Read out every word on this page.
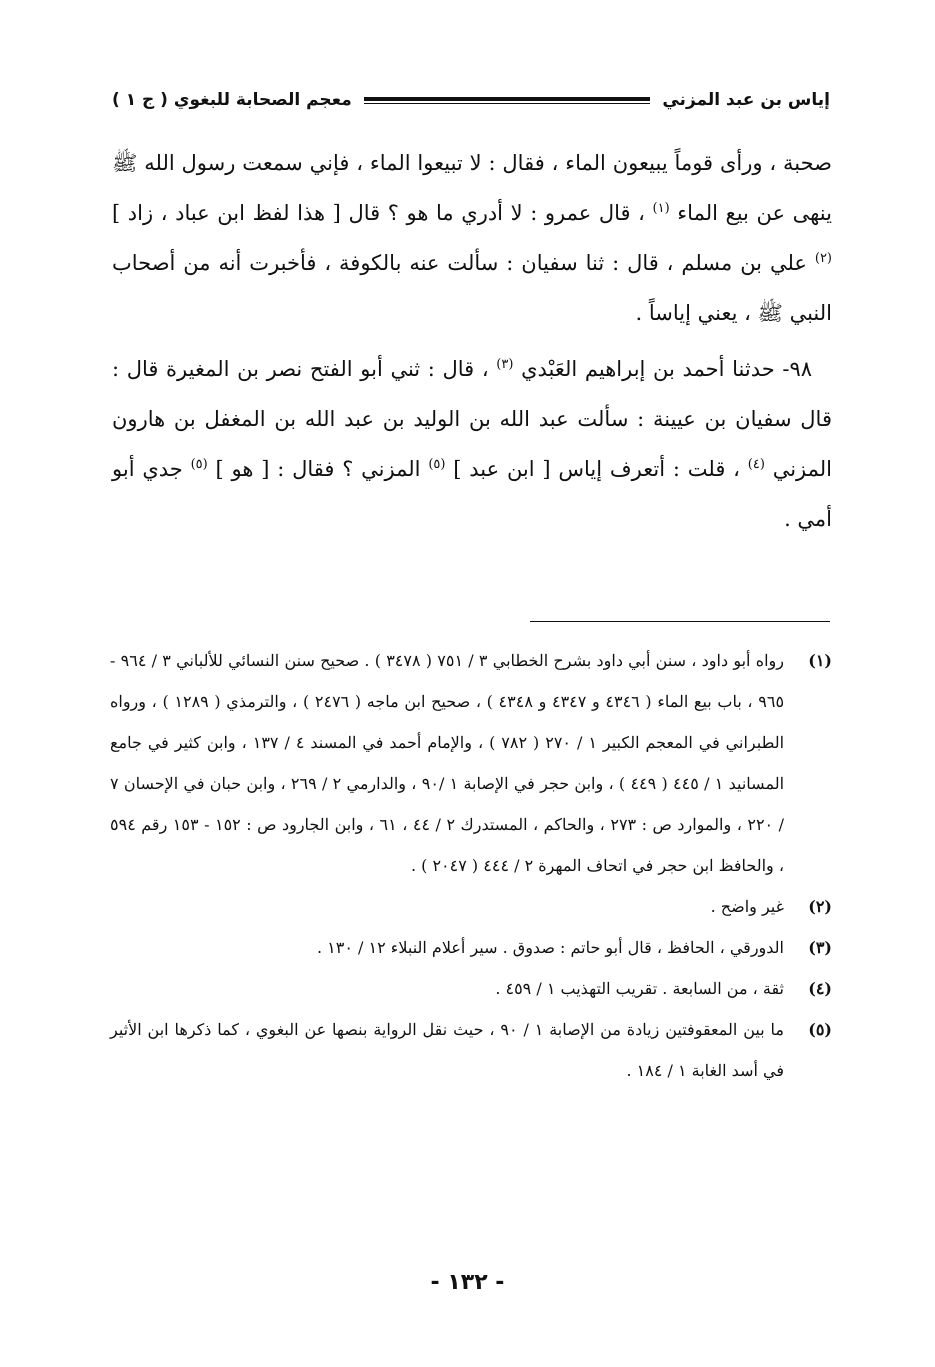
إياس بن عبد المزني
معجم الصحابة للبغوي ( ج ١ )

صحبة ، ورأى قوماً يبيعون الماء ، فقال : لا تبيعوا الماء ، فإني سمعت رسول الله ﷺ ينهى عن بيع الماء $^{(١)}$ ، قال عمرو : لا أدري ما هو ؟ قال [ هذا لفظ ابن عباد ، زاد ] $^{(٢)}$ علي بن مسلم ، قال : ثنا سفيان : سألت عنه بالكوفة ، فأخبرت أنه من أصحاب النبي ﷺ ، يعني إياساً .

٩٨- حدثنا أحمد بن إبراهيم العَبْدي $^{(٣)}$ ، قال : ثني أبو الفتح نصر بن المغيرة قال : قال سفيان بن عيينة : سألت عبد الله بن الوليد بن عبد الله بن المغفل بن هارون المزني $^{(٤)}$ ، قلت : أتعرف إياس [ ابن عبد ] $^{(٥)}$ المزني ؟ فقال : [ هو ] $^{(٥)}$ جدي أبو أمي .

(١)
رواه أبو داود ، سنن أبي داود بشرح الخطابي ٣ / ٧٥١ ( ٣٤٧٨ ) . صحيح سنن النسائي للألباني ٣ / ٩٦٤ - ٩٦٥ ، باب بيع الماء ( ٤٣٤٦ و ٤٣٤٧ و ٤٣٤٨ ) ، صحيح ابن ماجه ( ٢٤٧٦ ) ، والترمذي ( ١٢٨٩ ) ، ورواه الطبراني في المعجم الكبير ١ / ٢٧٠ ( ٧٨٢ ) ، والإمام أحمد في المسند ٤ / ١٣٧ ، وابن كثير في جامع المسانيد ١ / ٤٤٥ ( ٤٤٩ ) ، وابن حجر في الإصابة ١ /٩٠ ، والدارمي ٢ / ٢٦٩ ، وابن حبان في الإحسان ٧ / ٢٢٠ ، والموارد ص : ٢٧٣ ، والحاكم ، المستدرك ٢ / ٤٤ ، ٦١ ، وابن الجارود ص : ١٥٢ - ١٥٣ رقم ٥٩٤ ، والحافظ ابن حجر في اتحاف المهرة ٢ / ٤٤٤ ( ٢٠٤٧ ) .
(٢)
غير واضح .
(٣)
الدورقي ، الحافظ ، قال أبو حاتم : صدوق . سير أعلام النبلاء ١٢ / ١٣٠ .
(٤)
ثقة ، من السابعة . تقريب التهذيب ١ / ٤٥٩ .
(٥)
ما بين المعقوفتين زيادة من الإصابة ١ / ٩٠ ، حيث نقل الرواية بنصها عن البغوي ، كما ذكرها ابن الأثير في أسد الغابة ١ / ١٨٤ .
- ١٣٢ -
